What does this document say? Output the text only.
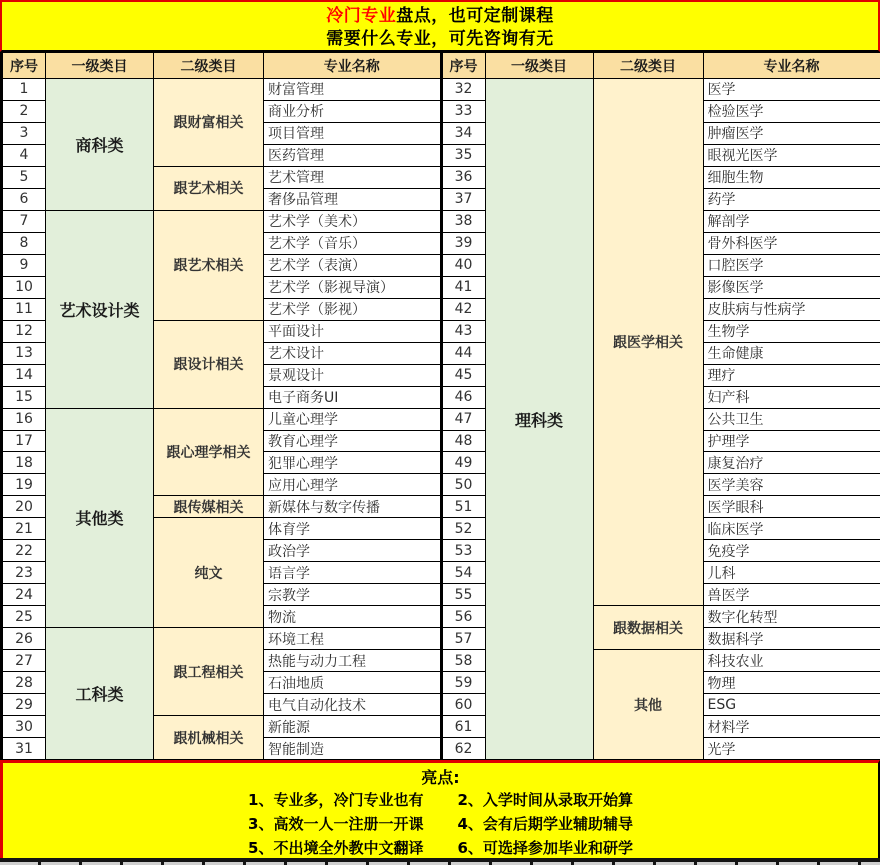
冷门专业盘点，也可定制课程
需要什么专业，可先咨询有无
序号	一级类目	二级类目	专业名称
1	商科类	跟财富相关	财富管理
2			商业分析
3			项目管理
4			医药管理
5		跟艺术相关	艺术管理
6			奢侈品管理
7	艺术设计类	跟艺术相关	艺术学（美术）
8			艺术学（音乐）
9			艺术学（表演）
10			艺术学（影视导演）
11			艺术学（影视）
12		跟设计相关	平面设计
13			艺术设计
14			景观设计
15			电子商务UI
16	其他类	跟心理学相关	儿童心理学
17			教育心理学
18			犯罪心理学
19			应用心理学
20		跟传媒相关	新媒体与数字传播
21		纯文	体育学
22			政治学
23			语言学
24			宗教学
25			物流
26	工科类	跟工程相关	环境工程
27			热能与动力工程
28			石油地质
29			电气自动化技术
30		跟机械相关	新能源
31			智能制造
序号	一级类目	二级类目	专业名称
32	理科类	跟医学相关	医学
33			检验医学
34			肿瘤医学
35			眼视光医学
36			细胞生物
37			药学
38			解剖学
39			骨外科医学
40			口腔医学
41			影像医学
42			皮肤病与性病学
43			生物学
44			生命健康
45			理疗
46			妇产科
47			公共卫生
48			护理学
49			康复治疗
50			医学美容
51			医学眼科
52			临床医学
53			免疫学
54			儿科
55			兽医学
56		跟数据相关	数字化转型
57			数据科学
58		其他	科技农业
59			物理
60			ESG
61			材料学
62			光学
亮点:
1、专业多，冷门专业也有 2、入学时间从录取开始算
3、高效一人一注册一开课 4、会有后期学业辅助辅导
5、不出境全外教中文翻译 6、可选择参加毕业和研学
